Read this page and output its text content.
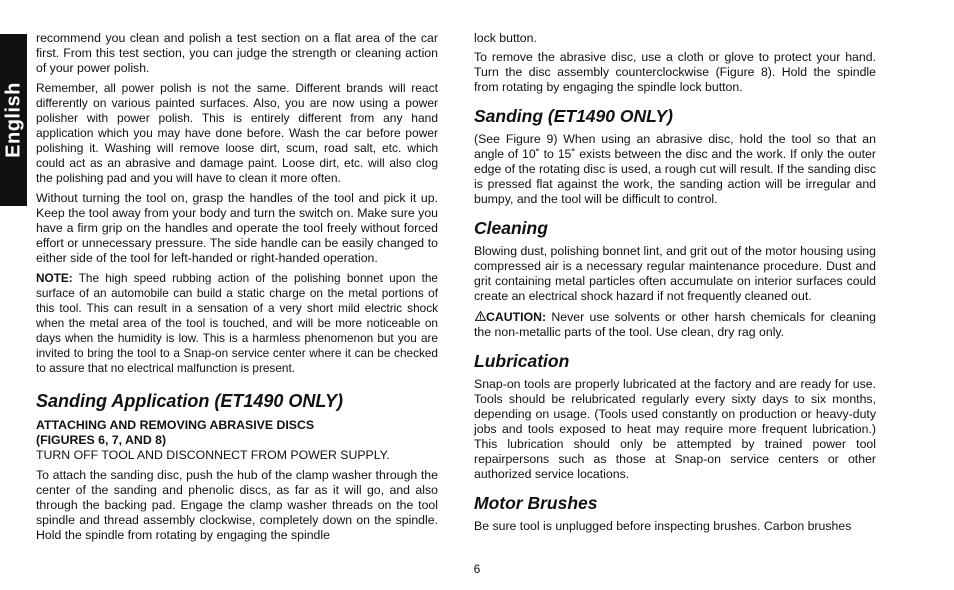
English

recommend you clean and polish a test section on a flat area of the car first. From this test section, you can judge the strength or cleaning action of your power polish.

Remember, all power polish is not the same. Different brands will react differently on various painted surfaces. Also, you are now using a power polisher with power polish. This is entirely different from any hand application which you may have done before. Wash the car before power polishing it. Washing will remove loose dirt, scum, road salt, etc. which could act as an abrasive and damage paint. Loose dirt, etc. will also clog the polishing pad and you will have to clean it more often.

Without turning the tool on, grasp the handles of the tool and pick it up. Keep the tool away from your body and turn the switch on. Make sure you have a firm grip on the handles and operate the tool freely without forced effort or unnecessary pressure. The side handle can be easily changed to either side of the tool for left-handed or right-handed operation.

NOTE: The high speed rubbing action of the polishing bonnet upon the surface of an automobile can build a static charge on the metal portions of this tool. This can result in a sensation of a very short mild electric shock when the metal area of the tool is touched, and will be more noticeable on days when the humidity is low. This is a harmless phenomenon but you are invited to bring the tool to a Snap-on service center where it can be checked to assure that no electrical malfunction is present.

Sanding Application (ET1490 ONLY)

ATTACHING AND REMOVING ABRASIVE DISCS

(FIGURES 6, 7, AND 8)

TURN OFF TOOL AND DISCONNECT FROM POWER SUPPLY.

To attach the sanding disc, push the hub of the clamp washer through the center of the sanding and phenolic discs, as far as it will go, and also through the backing pad. Engage the clamp washer threads on the tool spindle and thread assembly clockwise, completely down on the spindle. Hold the spindle from rotating by engaging the spindle

lock button.

To remove the abrasive disc, use a cloth or glove to protect your hand. Turn the disc assembly counterclockwise (Figure 8). Hold the spindle from rotating by engaging the spindle lock button.

Sanding (ET1490 ONLY)

(See Figure 9) When using an abrasive disc, hold the tool so that an angle of 10˚ to 15˚ exists between the disc and the work. If only the outer edge of the rotating disc is used, a rough cut will result. If the sanding disc is pressed flat against the work, the sanding action will be irregular and bumpy, and the tool will be difficult to control.

Cleaning

Blowing dust, polishing bonnet lint, and grit out of the motor housing using compressed air is a necessary regular maintenance procedure. Dust and grit containing metal particles often accumulate on interior surfaces could create an electrical shock hazard if not frequently cleaned out.

CAUTION: Never use solvents or other harsh chemicals for cleaning the non-metallic parts of the tool. Use clean, dry rag only.

Lubrication

Snap-on tools are properly lubricated at the factory and are ready for use. Tools should be relubricated regularly every sixty days to six months, depending on usage. (Tools used constantly on production or heavy-duty jobs and tools exposed to heat may require more frequent lubrication.) This lubrication should only be attempted by trained power tool repairpersons such as those at Snap-on service centers or other authorized service locations.

Motor Brushes

Be sure tool is unplugged before inspecting brushes. Carbon brushes

6
